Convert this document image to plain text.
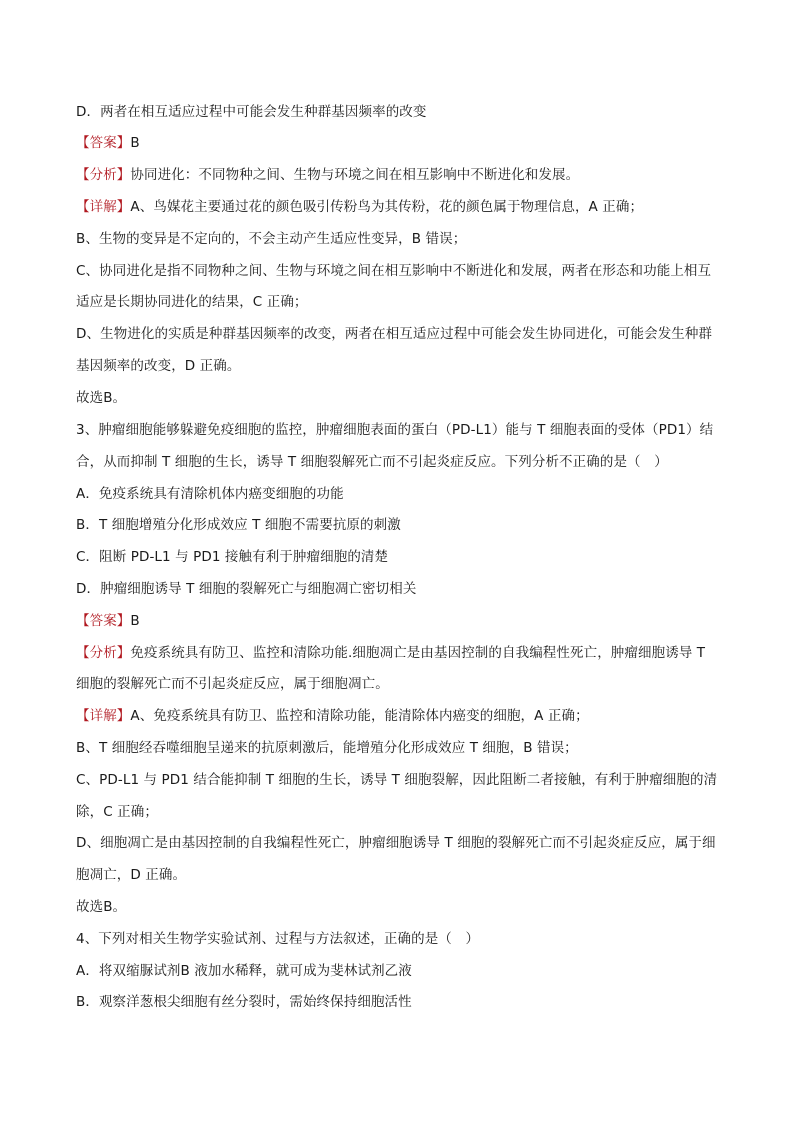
D．两者在相互适应过程中可能会发生种群基因频率的改变
【答案】B
【分析】协同进化：不同物种之间、生物与环境之间在相互影响中不断进化和发展。
【详解】A、鸟媒花主要通过花的颜色吸引传粉鸟为其传粉，花的颜色属于物理信息，A 正确；
B、生物的变异是不定向的，不会主动产生适应性变异，B 错误；
C、协同进化是指不同物种之间、生物与环境之间在相互影响中不断进化和发展，两者在形态和功能上相互
适应是长期协同进化的结果，C 正确；
D、生物进化的实质是种群基因频率的改变，两者在相互适应过程中可能会发生协同进化，可能会发生种群
基因频率的改变，D 正确。
故选B。
3、肿瘤细胞能够躲避免疫细胞的监控，肿瘤细胞表面的蛋白（PD-L1）能与 T 细胞表面的受体（PD1）结
合，从而抑制 T 细胞的生长，诱导 T 细胞裂解死亡而不引起炎症反应。下列分析不正确的是（　）
A．免疫系统具有清除机体内癌变细胞的功能
B．T 细胞增殖分化形成效应 T 细胞不需要抗原的刺激
C．阻断 PD-L1 与 PD1 接触有利于肿瘤细胞的清楚
D．肿瘤细胞诱导 T 细胞的裂解死亡与细胞凋亡密切相关
【答案】B
【分析】免疫系统具有防卫、监控和清除功能.细胞凋亡是由基因控制的自我编程性死亡，肿瘤细胞诱导 T
细胞的裂解死亡而不引起炎症反应，属于细胞凋亡。
【详解】A、免疫系统具有防卫、监控和清除功能，能清除体内癌变的细胞，A 正确；
B、T 细胞经吞噬细胞呈递来的抗原刺激后，能增殖分化形成效应 T 细胞，B 错误；
C、PD-L1 与 PD1 结合能抑制 T 细胞的生长，诱导 T 细胞裂解，因此阻断二者接触，有利于肿瘤细胞的清
除，C 正确；
D、细胞凋亡是由基因控制的自我编程性死亡，肿瘤细胞诱导 T 细胞的裂解死亡而不引起炎症反应，属于细
胞凋亡，D 正确。
故选B。
4、下列对相关生物学实验试剂、过程与方法叙述，正确的是（　）
A．将双缩脲试剂B 液加水稀释，就可成为斐林试剂乙液
B．观察洋葱根尖细胞有丝分裂时，需始终保持细胞活性
